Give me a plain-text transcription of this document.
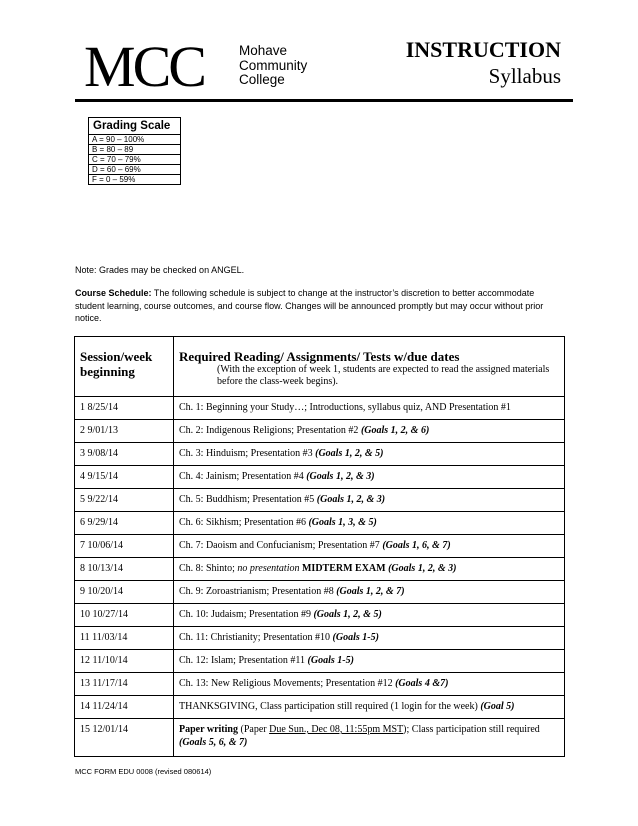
MCC	Mohave
Community
College
INSTRUCTION
Syllabus
Grading Scale
A = 90 – 100%
B = 80 – 89
C = 70 – 79%
D = 60 – 69%
F = 0 – 59%
Note: Grades may be checked on ANGEL.
Course Schedule: The following schedule is subject to change at the instructor’s discretion to better accommodate student learning, course outcomes, and course flow. Changes will be announced promptly but may occur without prior notice.
Session/week beginning	Required Reading/ Assignments/ Tests w/due dates
(With the exception of week 1, students are expected to read the assigned materials before the class-week begins).

1 8/25/14	Ch. 1: Beginning your Study…; Introductions, syllabus quiz, AND Presentation #1
2 9/01/13	Ch. 2: Indigenous Religions; Presentation #2 (Goals 1, 2, & 6)
3 9/08/14	Ch. 3: Hinduism; Presentation #3 (Goals 1, 2, & 5)
4 9/15/14	Ch. 4: Jainism; Presentation #4 (Goals 1, 2, & 3)
5 9/22/14	Ch. 5: Buddhism; Presentation #5 (Goals 1, 2, & 3)
6 9/29/14	Ch. 6: Sikhism; Presentation #6 (Goals 1, 3, & 5)
7 10/06/14	Ch. 7: Daoism and Confucianism; Presentation #7 (Goals 1, 6, & 7)
8 10/13/14	Ch. 8: Shinto; no presentation MIDTERM EXAM (Goals 1, 2, & 3)
9 10/20/14	Ch. 9: Zoroastrianism; Presentation #8 (Goals 1, 2, & 7)
10 10/27/14	Ch. 10: Judaism; Presentation #9 (Goals 1, 2, & 5)
11 11/03/14	Ch. 11: Christianity; Presentation #10 (Goals 1-5)
12 11/10/14	Ch. 12: Islam; Presentation #11 (Goals 1-5)
13 11/17/14	Ch. 13: New Religious Movements; Presentation #12 (Goals 4 &7)
14 11/24/14	THANKSGIVING, Class participation still required (1 login for the week) (Goal 5)
15 12/01/14	Paper writing (Paper Due Sun., Dec 08, 11:55pm MST); Class participation still required (Goals 5, 6, & 7)
MCC FORM EDU 0008 (revised 080614)
